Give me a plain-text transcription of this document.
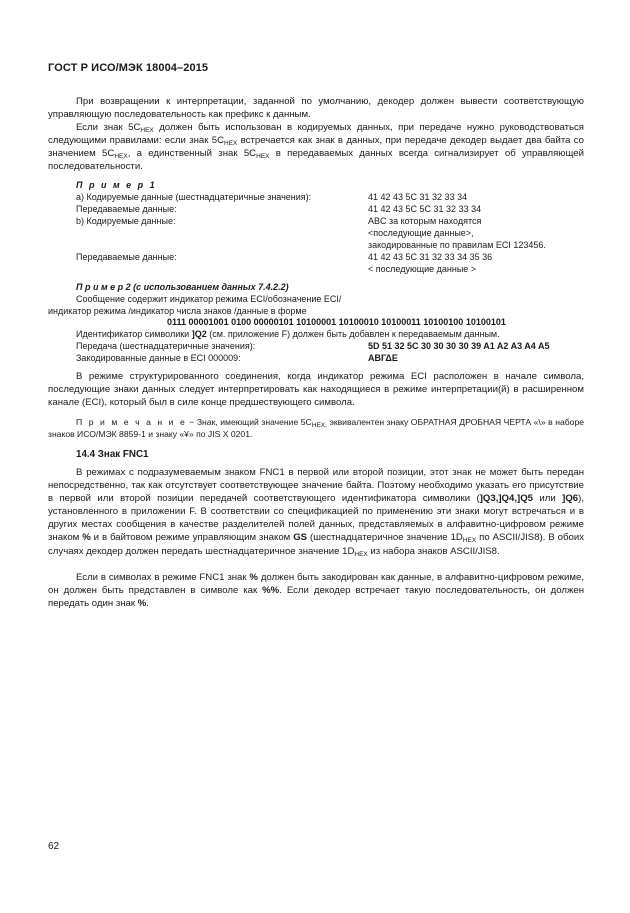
ГОСТ Р ИСО/МЭК 18004–2015
При возвращении к интерпретации, заданной по умолчанию, декодер должен вывести соответствующую управляющую последовательность как префикс к данным.
Если знак $5C_{HEX}$ должен быть использован в кодируемых данных, при передаче нужно руководствоваться следующими правилами: если знак $5C_{HEX}$ встречается как знак в данных, при передаче декодер выдает два байта со значением $5C_{HEX}$, а единственный знак $5C_{HEX}$ в передаваемых данных всегда сигнализирует об управляющей последовательности.
П р и м е р 1
a) Кодируемые данные (шестнадцатеричные значения):	41 42 43 5C 31 32 33 34
Передаваемые данные:	41 42 43 5C 5C 31 32 33 34
b) Кодируемые данные:	ABC за которым находятся
<последующие данные>,
закодированные по правилам ECI 123456.
Передаваемые данные:	41 42 43 5C 31 32 33 34 35 36
< последующие данные >
П р и м е р 2 (с использованием данных 7.4.2.2)
Сообщение содержит индикатор режима ECI/обозначение ECI/
индикатор режима /индикатор числа знаков /данные в форме
0111 00001001 0100 00000101 10100001 10100010 10100011 10100100 10100101
Идентификатор символики ]Q2 (см. приложение F) должен быть добавлен к передаваемым данным.
Передача (шестнадцатеричные значения):	5D 51 32 5C 30 30 30 30 39 A1 A2 A3 A4 A5
Закодированные данные в ECI 000009:	ΑΒΓΔΕ
В режиме структурированного соединения, когда индикатор режима ECI расположен в начале символа, последующие знаки данных следует интерпретировать как находящиеся в режиме интерпретации(й) в расширенном канале (ECI), который был в силе конце предшествующего символа.
П р и м е ч а н и е − Знак, имеющий значение $5C_{HEX,}$ эквивалентен знаку ОБРАТНАЯ ДРОБНАЯ ЧЕРТА «\» в наборе знаков ИСО/МЭК 8859-1 и знаку «¥» по JIS X 0201.
14.4 Знак FNC1
В режимах с подразумеваемым знаком FNC1 в первой или второй позиции, этот знак не может быть передан непосредственно, так как отсутствует соответствующее значение байта. Поэтому необходимо указать его присутствие в первой или второй позиции передачей соответствующего идентификатора символики (]Q3,]Q4,]Q5 или ]Q6), установленного в приложении F. В соответствии со спецификацией по применению эти знаки могут встречаться и в других местах сообщения в качестве разделителей полей данных, представляемых в алфавитно-цифровом режиме знаком % и в байтовом режиме управляющим знаком GS (шестнадцатеричное значение $1D_{HEX}$ по ASCII/JIS8). В обоих случаях декодер должен передать шестнадцатеричное значение $1D_{HEX}$ из набора знаков ASCII/JIS8.
Если в символах в режиме FNC1 знак % должен быть закодирован как данные, в алфавитно-цифровом режиме, он должен быть представлен в символе как %%. Если декодер встречает такую последовательность, он должен передать один знак %.
62
